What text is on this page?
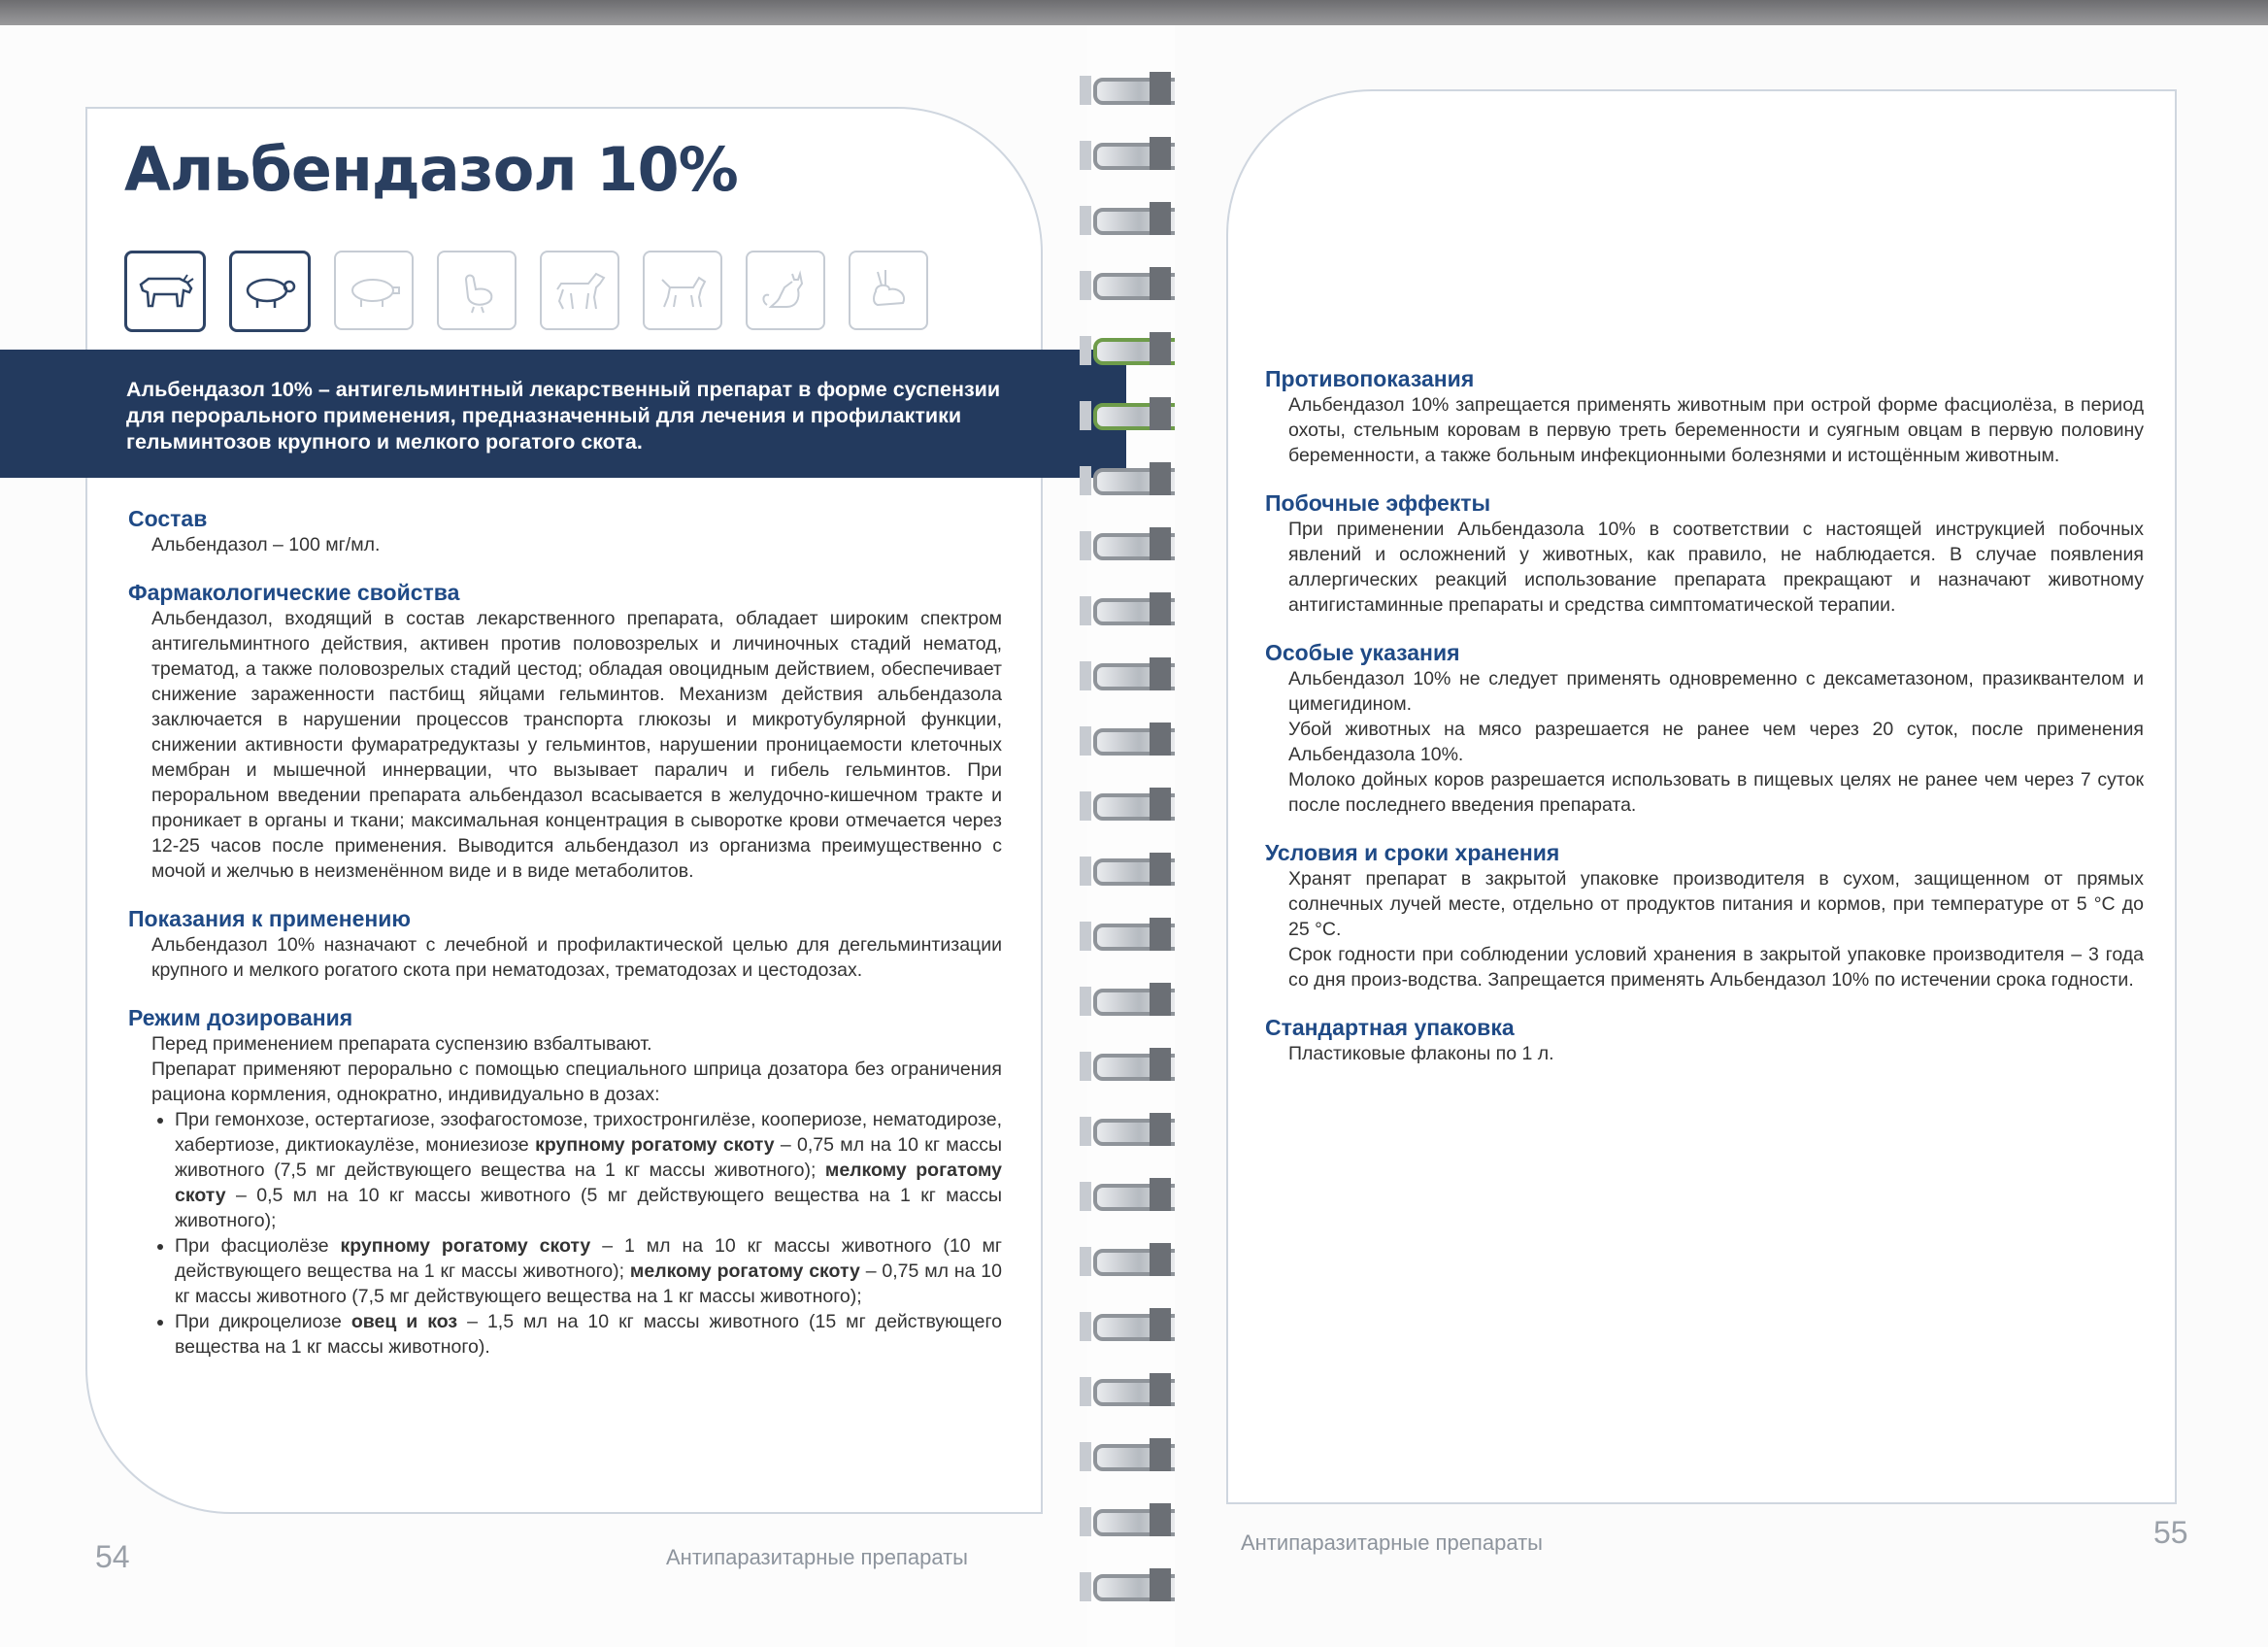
Альбендазол 10%

Альбендазол 10% – антигельминтный лекарственный препарат в форме суспензии для перорального применения, предназначенный для лечения и профилактики гельминтозов крупного и мелкого рогатого скота.

Состав

Альбендазол – 100 мг/мл.

Фармакологические свойства

Альбендазол, входящий в состав лекарственного препарата, обладает широким спектром антигельминтного действия, активен против половозрелых и личиночных стадий нематод, трематод, а также половозрелых стадий цестод; обладая овоцидным действием, обеспечивает снижение зараженности пастбищ яйцами гельминтов. Механизм действия альбендазола заключается в нарушении процессов транспорта глюкозы и микротубулярной функции, снижении активности фумаратредуктазы у гельминтов, нарушении проницаемости клеточных мембран и мышечной иннервации, что вызывает паралич и гибель гельминтов. При пероральном введении препарата альбендазол всасывается в желудочно-кишечном тракте и проникает в органы и ткани; максимальная концентрация в сыворотке крови отмечается через 12-25 часов после применения. Выводится альбендазол из организма преимущественно с мочой и желчью в неизменённом виде и в виде метаболитов.

Показания к применению

Альбендазол 10% назначают с лечебной и профилактической целью для дегельминтизации крупного и мелкого рогатого скота при нематодозах, трематодозах и цестодозах.

Режим дозирования

Перед применением препарата суспензию взбалтывают.

Препарат применяют перорально с помощью специального шприца дозатора без ограничения рациона кормления, однократно, индивидуально в дозах:

• При гемонхозе, остертагиозе, эзофагостомозе, трихостронгилёзе, коопериозе, нематодирозе, хабертиозе, диктиокаулёзе, мониезиозе крупному рогатому скоту – 0,75 мл на 10 кг массы животного (7,5 мг действующего вещества на 1 кг массы животного); мелкому рогатому скоту – 0,5 мл на 10 кг массы животного (5 мг действующего вещества на 1 кг массы животного);
• При фасциолёзе крупному рогатому скоту – 1 мл на 10 кг массы животного (10 мг действующего вещества на 1 кг массы животного); мелкому рогатому скоту – 0,75 мл на 10 кг массы животного (7,5 мг действующего вещества на 1 кг массы животного);
• При дикроцелиозе овец и коз – 1,5 мл на 10 кг массы животного (15 мг действующего вещества на 1 кг массы животного).
54	Антипаразитарные препараты
Противопоказания

Альбендазол 10% запрещается применять животным при острой форме фасциолёза, в период охоты, стельным коровам в первую треть беременности и суягным овцам в первую половину беременности, а также больным инфекционными болезнями и истощённым животным.

Побочные эффекты

При применении Альбендазола 10% в соответствии с настоящей инструкцией побочных явлений и осложнений у животных, как правило, не наблюдается. В случае появления аллергических реакций использование препарата прекращают и назначают животному антигистаминные препараты и средства симптоматической терапии.

Особые указания

Альбендазол 10% не следует применять одновременно с дексаметазоном, празиквантелом и цимегидином.

Убой животных на мясо разрешается не ранее чем через 20 суток, после применения Альбендазола 10%.

Молоко дойных коров разрешается использовать в пищевых целях не ранее чем через 7 суток после последнего введения препарата.

Условия и сроки хранения

Хранят препарат в закрытой упаковке производителя в сухом, защищенном от прямых солнечных лучей месте, отдельно от продуктов питания и кормов, при температуре от 5 °С до 25 °С.

Срок годности при соблюдении условий хранения в закрытой упаковке производителя – 3 года со дня произ-водства. Запрещается применять Альбендазол 10% по истечении срока годности.

Стандартная упаковка

Пластиковые флаконы по 1 л.

Антипаразитарные препараты	55
